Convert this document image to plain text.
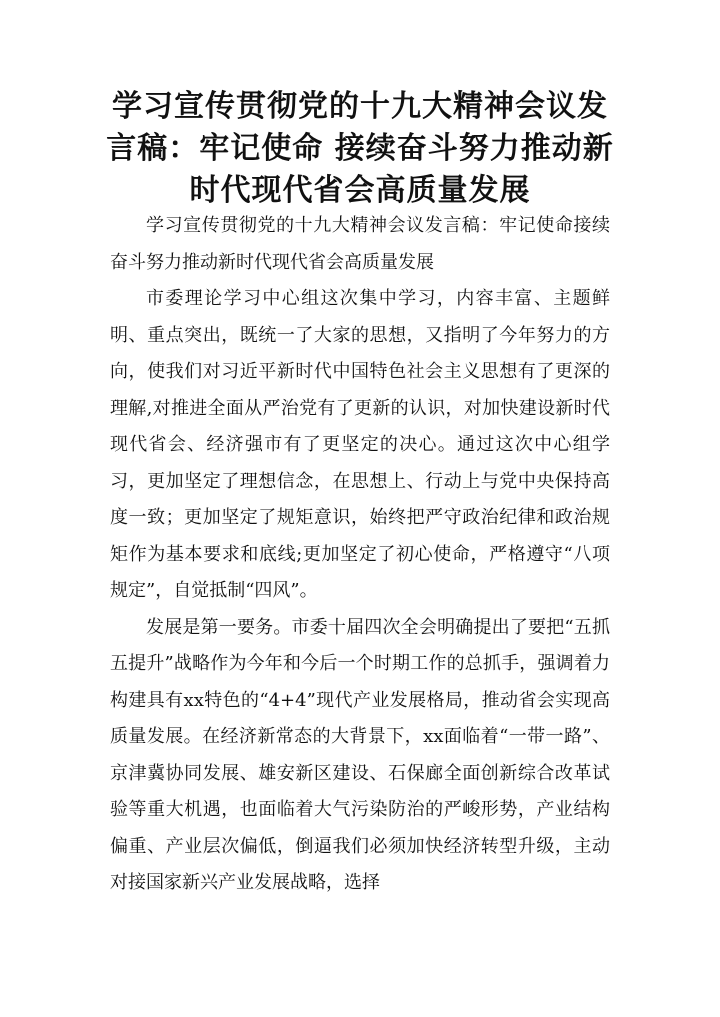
学习宣传贯彻党的十九大精神会议发言稿：牢记使命 接续奋斗努力推动新时代现代省会高质量发展

学习宣传贯彻党的十九大精神会议发言稿：牢记使命接续奋斗努力推动新时代现代省会高质量发展

市委理论学习中心组这次集中学习，内容丰富、主题鲜明、重点突出，既统一了大家的思想，又指明了今年努力的方向，使我们对习近平新时代中国特色社会主义思想有了更深的理解,对推进全面从严治党有了更新的认识，对加快建设新时代现代省会、经济强市有了更坚定的决心。通过这次中心组学习，更加坚定了理想信念，在思想上、行动上与党中央保持高度一致；更加坚定了规矩意识，始终把严守政治纪律和政治规矩作为基本要求和底线;更加坚定了初心使命，严格遵守“八项规定”，自觉抵制“四风”。

发展是第一要务。市委十届四次全会明确提出了要把“五抓五提升”战略作为今年和今后一个时期工作的总抓手，强调着力构建具有xx特色的“4+4”现代产业发展格局，推动省会实现高质量发展。在经济新常态的大背景下，xx面临着“一带一路”、京津冀协同发展、雄安新区建设、石保廊全面创新综合改革试验等重大机遇，也面临着大气污染防治的严峻形势，产业结构偏重、产业层次偏低，倒逼我们必须加快经济转型升级，主动对接国家新兴产业发展战略，选择
